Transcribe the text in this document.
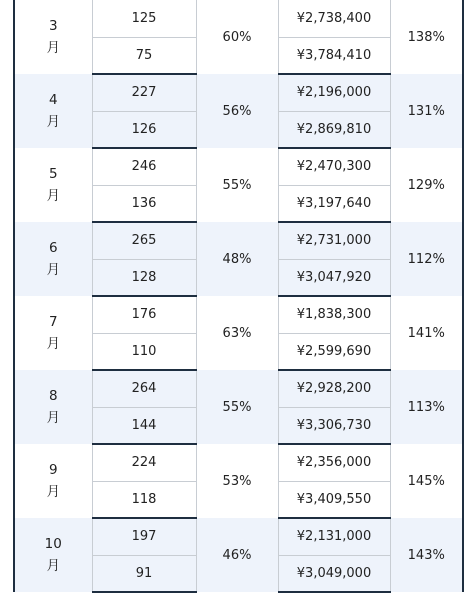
3
月	125	60%	¥2,738,400	138%
	75		¥3,784,410	

4
月	227	56%	¥2,196,000	131%
	126		¥2,869,810	

5
月	246	55%	¥2,470,300	129%
	136		¥3,197,640	

6
月	265	48%	¥2,731,000	112%
	128		¥3,047,920	

7
月	176	63%	¥1,838,300	141%
	110		¥2,599,690	

8
月	264	55%	¥2,928,200	113%
	144		¥3,306,730	

9
月	224	53%	¥2,356,000	145%
	118		¥3,409,550	

10
月	197	46%	¥2,131,000	143%
	91		¥3,049,000	
